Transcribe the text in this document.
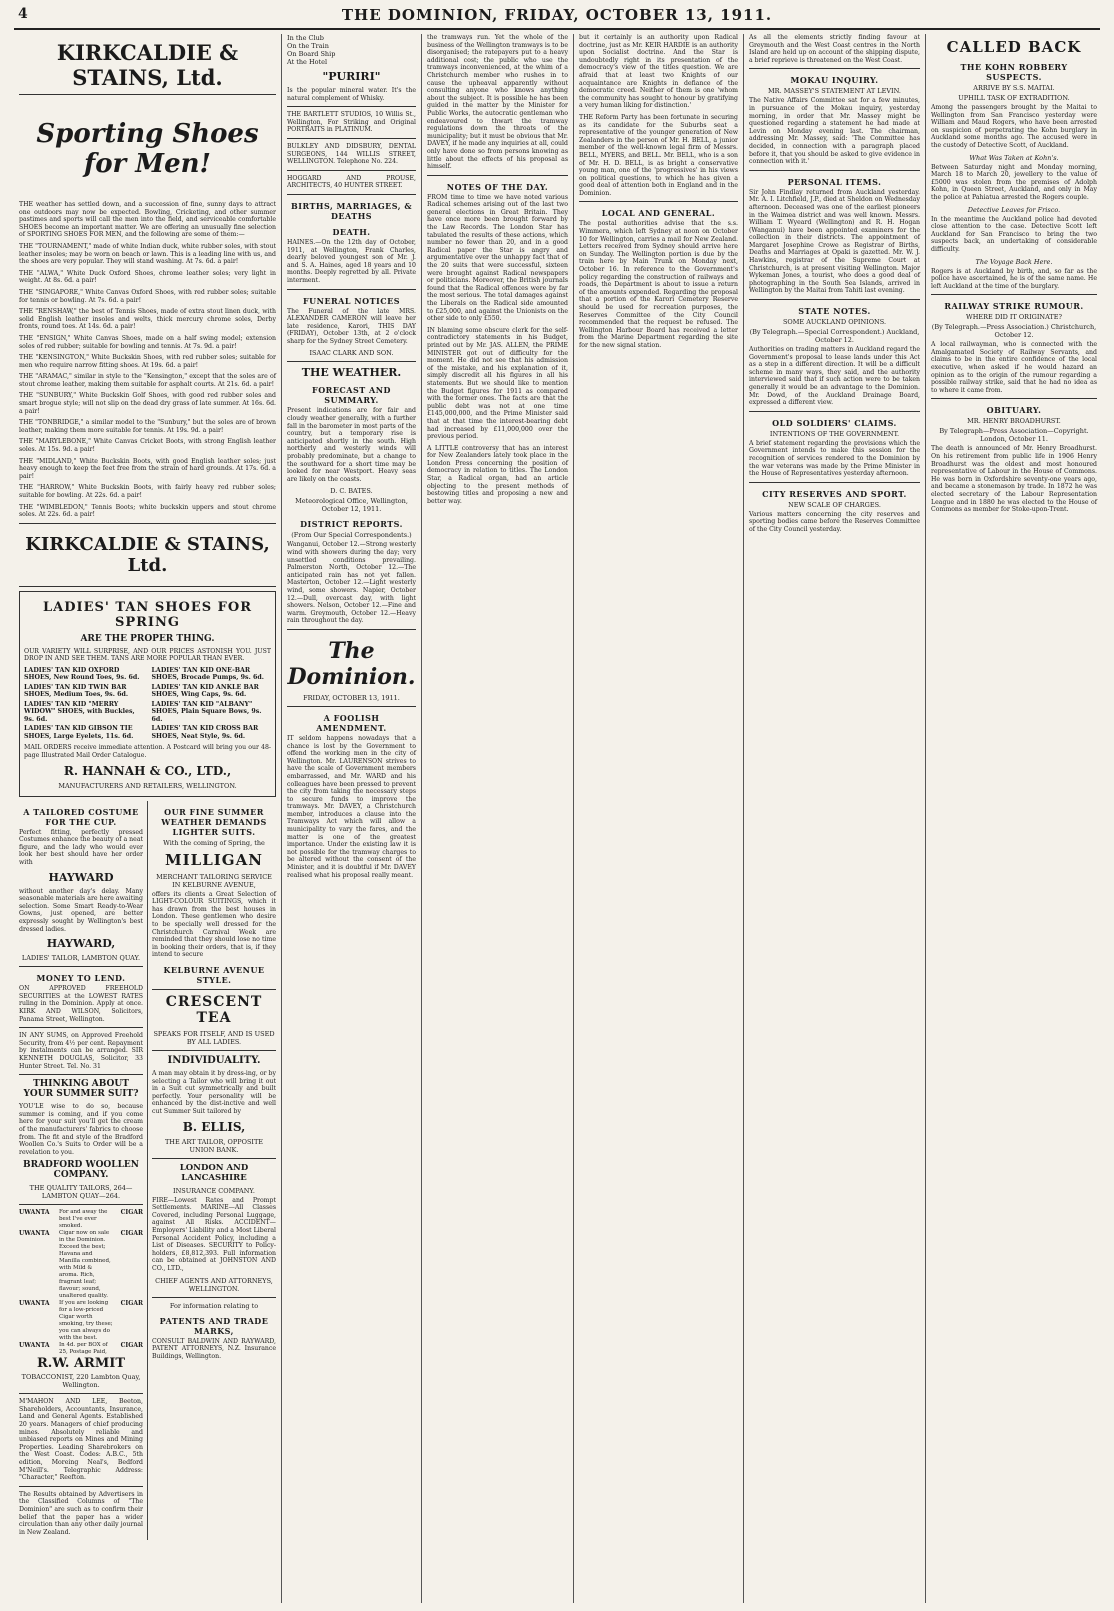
4	THE DOMINION, FRIDAY, OCTOBER 13, 1911.
KIRKCALDIE & STAINS, Ltd.
Sporting Shoes for Men!

THE weather has settled down, and a succession of fine, sunny days to attract one outdoors may now be expected. Bowling, Cricketing, and other summer pastimes and sports will call the men into the field, and serviceable comfortable SHOES become an important matter. We are offering an unusually fine selection of SPORTING SHOES FOR MEN, and the following are some of them:—

THE "TOURNAMENT," made of white Indian duck, white rubber soles, with stout leather insoles; may be worn on beach or lawn. This is a leading line with us, and the shoes are very popular. They will stand washing. At 7s. 6d. a pair!

THE "ALWA," White Duck Oxford Shoes, chrome leather soles; very light in weight. At 8s. 6d. a pair!

THE "SINGAPORE," White Canvas Oxford Shoes, with red rubber soles; suitable for tennis or bowling. At 7s. 6d. a pair!

THE "RENSHAW," the best of Tennis Shoes, made of extra stout linen duck, with solid English leather insoles and welts, thick mercury chrome soles, Derby fronts, round toes. At 14s. 6d. a pair!

THE "ENSIGN," White Canvas Shoes, made on a half swing model; extension soles of red rubber; suitable for bowling and tennis. At 7s. 9d. a pair!

THE "KENSINGTON," White Buckskin Shoes, with red rubber soles; suitable for men who require narrow fitting shoes. At 19s. 6d. a pair!

THE "ARAMAC," similar in style to the "Kensington," except that the soles are of stout chrome leather, making them suitable for asphalt courts. At 21s. 6d. a pair!

THE "SUNBURY," White Buckskin Golf Shoes, with good red rubber soles and smart brogue style; will not slip on the dead dry grass of late summer. At 16s. 6d. a pair!

THE "TONBRIDGE," a similar model to the "Sunbury," but the soles are of brown leather, making them more suitable for tennis. At 19s. 9d. a pair!

THE "MARYLEBONE," White Canvas Cricket Boots, with strong English leather soles. At 15s. 9d. a pair!

THE "MIDLAND," White Buckskin Boots, with good English leather soles; just heavy enough to keep the feet free from the strain of hard grounds. At 17s. 6d. a pair!

THE "HARROW," White Buckskin Boots, with fairly heavy red rubber soles; suitable for bowling. At 22s. 6d. a pair!

THE "WIMBLEDON," Tennis Boots; white buckskin uppers and stout chrome soles. At 22s. 6d. a pair!

KIRKCALDIE & STAINS, Ltd.
LADIES' TAN SHOES FOR SPRING
ARE THE PROPER THING.

OUR VARIETY WILL SURPRISE, AND OUR PRICES ASTONISH YOU. JUST DROP IN AND SEE THEM. TANS ARE MORE POPULAR THAN EVER.

LADIES' TAN KID OXFORD SHOES, New Round Toes, 9s. 6d.
LADIES' TAN KID ONE-BAR SHOES, Brocade Pumps, 9s. 6d.
LADIES' TAN KID TWIN BAR SHOES, Medium Toes, 9s. 6d.
LADIES' TAN KID ANKLE BAR SHOES, Wing Caps, 9s. 6d.
LADIES' TAN KID "MERRY WIDOW" SHOES, with Buckles, 9s. 6d.
LADIES' TAN KID "ALBANY" SHOES, Plain Square Bows, 9s. 6d.
LADIES' TAN KID GIBSON TIE SHOES, Large Eyelets, 11s. 6d.
LADIES' TAN KID CROSS BAR SHOES, Neat Style, 9s. 6d.

MAIL ORDERS receive immediate attention. A Postcard will bring you our 48-page Illustrated Mail Order Catalogue.

R. HANNAH & CO., LTD.,
MANUFACTURERS AND RETAILERS, WELLINGTON.
A TAILORED COSTUME FOR THE CUP.

Perfect fitting, perfectly pressed Costumes enhance the beauty of a neat figure, and the lady who would ever look her best should have her order with

HAYWARD

without another day's delay. Many seasonable materials are here awaiting selection. Some Smart Ready-to-Wear Gowns, just opened, are better expressly sought by Wellington's best dressed ladies.

HAYWARD,
LADIES' TAILOR, LAMBTON QUAY.
MONEY TO LEND.

ON APPROVED FREEHOLD SECURITIES at the LOWEST RATES ruling in the Dominion. Apply at once. KIRK AND WILSON, Solicitors, Panama Street, Wellington.

IN ANY SUMS, on Approved Freehold Security, from 4½ per cent. Repayment by instalments can be arranged. SIR KENNETH DOUGLAS, Solicitor, 33 Hunter Street. Tel. No. 31

THINKING ABOUT YOUR SUMMER SUIT?

YOU'LE wise to do so, because summer is coming, and if you come here for your suit you'll get the cream of the manufacturers' fabrics to choose from. The fit and style of the Bradford Woollen Co.'s Suits to Order will be a revelation to you.

BRADFORD WOOLLEN COMPANY.
THE QUALITY TAILORS, 264—LAMBTON QUAY—264.
UWANTA	For and away the best I've ever smoked.	CIGAR
UWANTA	Cigar now on sale in the Dominion. Exceed the best; Havana and Manilla combined, with Mild & aroma. Rich, fragrant leaf; flavour; sound, unaltered quality.	CIGAR
UWANTA	If you are looking for a low-priced Cigar worth smoking, try these; you can always do with the best.	CIGAR
UWANTA	In 4d. per BOX of 25, Postage Paid,	CIGAR
R.W. ARMIT
TOBACCONIST, 220 Lambton Quay, Wellington.

M'MAHON AND LEE, Beeton, Shareholders, Accountants, Insurance, Land and General Agents. Established 20 years. Managers of chief producing mines. Absolutely reliable and unbiased reports on Mines and Mining Properties. Leading Sharebrokers on the West Coast. Codes: A.B.C., 5th edition, Moreing Neal's, Bedford M'Neill's. Telegraphic Address: "Character," Reefton.

The Results obtained by Advertisers in the Classified Columns of "The Dominion" are such as to confirm their belief that the paper has a wider circulation than any other daily journal in New Zealand.

OUR FINE SUMMER WEATHER DEMANDS LIGHTER SUITS.
With the coming of Spring, the
MILLIGAN
MERCHANT TAILORING SERVICE IN KELBURNE AVENUE,

offers its clients a Great Selection of LIGHT-COLOUR SUITINGS, which it has drawn from the best houses in London. These gentlemen who desire to be specially well dressed for the Christchurch Carnival Week are reminded that they should lose no time in booking their orders, that is, if they intend to secure

KELBURNE AVENUE STYLE.
CRESCENT TEA
SPEAKS FOR ITSELF, AND IS USED BY ALL LADIES.
INDIVIDUALITY.

A man may obtain it by dress-ing, or by selecting a Tailor who will bring it out in a Suit cut symmetrically and built perfectly. Your personality will be enhanced by the dist-inctive and well cut Summer Suit tailored by

B. ELLIS,
THE ART TAILOR, OPPOSITE UNION BANK.
LONDON AND LANCASHIRE
INSURANCE COMPANY.

FIRE—Lowest Rates and Prompt Settlements. MARINE—All Classes Covered, including Personal Luggage, against All Risks. ACCIDENT—Employers' Liability and a Most Liberal Personal Accident Policy, including a List of Diseases. SECURITY to Policy-holders, £8,812,393. Full information can be obtained at JOHNSTON AND CO., LTD.,

CHIEF AGENTS AND ATTORNEYS, WELLINGTON.
For information relating to
PATENTS AND TRADE MARKS,

CONSULT BALDWIN AND RAYWARD, PATENT ATTORNEYS, N.Z. Insurance Buildings, Wellington.

In the Club
On the Train
On Board Ship
At the Hotel
"PURIRI"

Is the popular mineral water. It's the natural complement of Whisky.

THE BARTLETT STUDIOS, 10 Willis St., Wellington, For Striking and Original PORTRAITS in PLATINUM.

BULKLEY AND DIDSBURY, DENTAL SURGEONS, 144 WILLIS STREET, WELLINGTON. Telephone No. 224.

HOGGARD AND PROUSE, ARCHITECTS, 40 HUNTER STREET.

BIRTHS, MARRIAGES, & DEATHS
DEATH.

HAINES.—On the 12th day of October, 1911, at Wellington, Frank Charles, dearly beloved youngest son of Mr. J. and S. A. Haines, aged 18 years and 10 months. Deeply regretted by all. Private interment.

FUNERAL NOTICES

The Funeral of the late MRS. ALEXANDER CAMERON will leave her late residence, Karori, THIS DAY (FRIDAY), October 13th, at 2 o'clock sharp for the Sydney Street Cemetery.

ISAAC CLARK AND SON.
THE WEATHER.
FORECAST AND SUMMARY.

Present indications are for fair and cloudy weather generally, with a further fall in the barometer in most parts of the country, but a temporary rise is anticipated shortly in the south. High northerly and westerly winds will probably predominate, but a change to the southward for a short time may be looked for near Westport. Heavy seas are likely on the coasts.

D. C. BATES.
Meteorological Office, Wellington, October 12, 1911.
DISTRICT REPORTS.
(From Our Special Correspondents.)

Wanganui, October 12.—Strong westerly wind with showers during the day; very unsettled conditions prevailing. Palmerston North, October 12.—The anticipated rain has not yet fallen. Masterton, October 12.—Light westerly wind, some showers. Napier, October 12.—Dull, overcast day, with light showers. Nelson, October 12.—Fine and warm. Greymouth, October 12.—Heavy rain throughout the day.

The Dominion.
FRIDAY, OCTOBER 13, 1911.
A FOOLISH AMENDMENT.

IT seldom happens nowadays that a chance is lost by the Government to offend the working men in the city of Wellington. Mr. LAURENSON strives to have the scale of Government members embarrassed, and Mr. WARD and his colleagues have been pressed to prevent the city from taking the necessary steps to secure funds to improve the tramways. Mr. DAVEY, a Christchurch member, introduces a clause into the Tramways Act which will allow a municipality to vary the fares, and the matter is one of the greatest importance. Under the existing law it is not possible for the tramway charges to be altered without the consent of the Minister, and it is doubtful if Mr. DAVEY realised what his proposal really meant.

the tramways run. Yet the whole of the business of the Wellington tramways is to be disorganised; the ratepayers put to a heavy additional cost; the public who use the tramways inconvenienced, at the whim of a Christchurch member who rushes in to cause the upheaval apparently without consulting anyone who knows anything about the subject. It is possible he has been guided in the matter by the Minister for Public Works, the autocratic gentleman who endeavoured to thwart the tramway regulations down the throats of the municipality; but it must be obvious that Mr. DAVEY, if he made any inquiries at all, could only have done so from persons knowing as little about the effects of his proposal as himself.

NOTES OF THE DAY.

FROM time to time we have noted various Radical schemes arising out of the last two general elections in Great Britain. They have once more been brought forward by the Law Records. The London Star has tabulated the results of these actions, which number no fewer than 20, and in a good Radical paper the Star is angry and argumentative over the unhappy fact that of the 20 suits that were successful, sixteen were brought against Radical newspapers or politicians. Moreover, the British journals found that the Radical offences were by far the most serious. The total damages against the Liberals on the Radical side amounted to £25,000, and against the Unionists on the other side to only £550.

IN blaming some obscure clerk for the self-contradictory statements in his Budget, printed out by Mr. JAS. ALLEN, the PRIME MINISTER got out of difficulty for the moment. He did not see that his admission of the mistake, and his explanation of it, simply discredit all his figures in all his statements. But we should like to mention the Budget figures for 1911 as compared with the former ones. The facts are that the public debt was not at one time £145,000,000, and the Prime Minister said that at that time the interest-bearing debt had increased by £11,000,000 over the previous period.

A LITTLE controversy that has an interest for New Zealanders lately took place in the London Press concerning the position of democracy in relation to titles. The London Star, a Radical organ, had an article objecting to the present methods of bestowing titles and proposing a new and better way.

but it certainly is an authority upon Radical doctrine, just as Mr. KEIR HARDIE is an authority upon Socialist doctrine. And the Star is undoubtedly right in its presentation of the democracy's view of the titles question. We are afraid that at least two Knights of our acquaintance are Knights in defiance of the democratic creed. Neither of them is one 'whom the community has sought to honour by gratifying a very human liking for distinction.'

THE Reform Party has been fortunate in securing as its candidate for the Suburbs seat a representative of the younger generation of New Zealanders in the person of Mr. H. BELL, a junior member of the well-known legal firm of Messrs. BELL, MYERS, and BELL. Mr. BELL, who is a son of Mr. H. D. BELL, is as bright a conservative young man, one of the 'progressives' in his views on political questions, to which he has given a good deal of attention both in England and in the Dominion.

LOCAL AND GENERAL.

The postal authorities advise that the s.s. Wimmera, which left Sydney at noon on October 10 for Wellington, carries a mail for New Zealand. Letters received from Sydney should arrive here on Sunday. The Wellington portion is due by the train here by Main Trunk on Monday next, October 16. In reference to the Government's policy regarding the construction of railways and roads, the Department is about to issue a return of the amounts expended. Regarding the proposal that a portion of the Karori Cemetery Reserve should be used for recreation purposes, the Reserves Committee of the City Council recommended that the request be refused. The Wellington Harbour Board has received a letter from the Marine Department regarding the site for the new signal station.

As all the elements strictly finding favour at Greymouth and the West Coast centres in the North Island are held up on account of the shipping dispute, a brief reprieve is threatened on the West Coast.

MOKAU INQUIRY.
MR. MASSEY'S STATEMENT AT LEVIN.

The Native Affairs Committee sat for a few minutes, in pursuance of the Mokau inquiry, yesterday morning, in order that Mr. Massey might be questioned regarding a statement he had made at Levin on Monday evening last. The chairman, addressing Mr. Massey, said: 'The Committee has decided, in connection with a paragraph placed before it, that you should be asked to give evidence in connection with it.'

PERSONAL ITEMS.

Sir John Findlay returned from Auckland yesterday. Mr. A. I. Litchfield, J.P., died at Sheldon on Wednesday afternoon. Deceased was one of the earliest pioneers in the Waimea district and was well known. Messrs. William T. Wyeard (Wellington) and R. H. Hogan (Wanganui) have been appointed examiners for the collection in their districts. The appointment of Margaret Josephine Crowe as Registrar of Births, Deaths and Marriages at Opaki is gazetted. Mr. W. J. Hawkins, registrar of the Supreme Court at Christchurch, is at present visiting Wellington. Major Wykeman Jones, a tourist, who does a good deal of photographing in the South Sea Islands, arrived in Wellington by the Maitai from Tahiti last evening.

STATE NOTES.
SOME AUCKLAND OPINIONS.
(By Telegraph.—Special Correspondent.) Auckland, October 12.

Authorities on trading matters in Auckland regard the Government's proposal to lease lands under this Act as a step in a different direction. It will be a difficult scheme in many ways, they said, and the authority interviewed said that if such action were to be taken generally it would be an advantage to the Dominion. Mr. Dowd, of the Auckland Drainage Board, expressed a different view.

OLD SOLDIERS' CLAIMS.
INTENTIONS OF THE GOVERNMENT.

A brief statement regarding the provisions which the Government intends to make this session for the recognition of services rendered to the Dominion by the war veterans was made by the Prime Minister in the House of Representatives yesterday afternoon.

CITY RESERVES AND SPORT.
NEW SCALE OF CHARGES.

Various matters concerning the city reserves and sporting bodies came before the Reserves Committee of the City Council yesterday.

CALLED BACK
THE KOHN ROBBERY SUSPECTS.
ARRIVE BY S.S. MAITAI.
UPHILL TASK OF EXTRADITION.

Among the passengers brought by the Maitai to Wellington from San Francisco yesterday were William and Maud Rogers, who have been arrested on suspicion of perpetrating the Kohn burglary in Auckland some months ago. The accused were in the custody of Detective Scott, of Auckland.

What Was Taken at Kohn's.

Between Saturday night and Monday morning, March 18 to March 20, jewellery to the value of £5000 was stolen from the premises of Adolph Kohn, in Queen Street, Auckland, and only in May the police at Pahiatua arrested the Rogers couple.

Detective Leaves for Frisco.

In the meantime the Auckland police had devoted close attention to the case. Detective Scott left Auckland for San Francisco to bring the two suspects back, an undertaking of considerable difficulty.

The Voyage Back Here.

Rogers is at Auckland by birth, and, so far as the police have ascertained, he is of the same name. He left Auckland at the time of the burglary.

RAILWAY STRIKE RUMOUR.
WHERE DID IT ORIGINATE?
(By Telegraph.—Press Association.) Christchurch, October 12.

A local railwayman, who is connected with the Amalgamated Society of Railway Servants, and claims to be in the entire confidence of the local executive, when asked if he would hazard an opinion as to the origin of the rumour regarding a possible railway strike, said that he had no idea as to where it came from.

OBITUARY.
MR. HENRY BROADHURST.
By Telegraph—Press Association—Copyright. London, October 11.

The death is announced of Mr. Henry Broadhurst. On his retirement from public life in 1906 Henry Broadhurst was the oldest and most honoured representative of Labour in the House of Commons. He was born in Oxfordshire seventy-one years ago, and became a stonemason by trade. In 1872 he was elected secretary of the Labour Representation League and in 1880 he was elected to the House of Commons as member for Stoke-upon-Trent.
